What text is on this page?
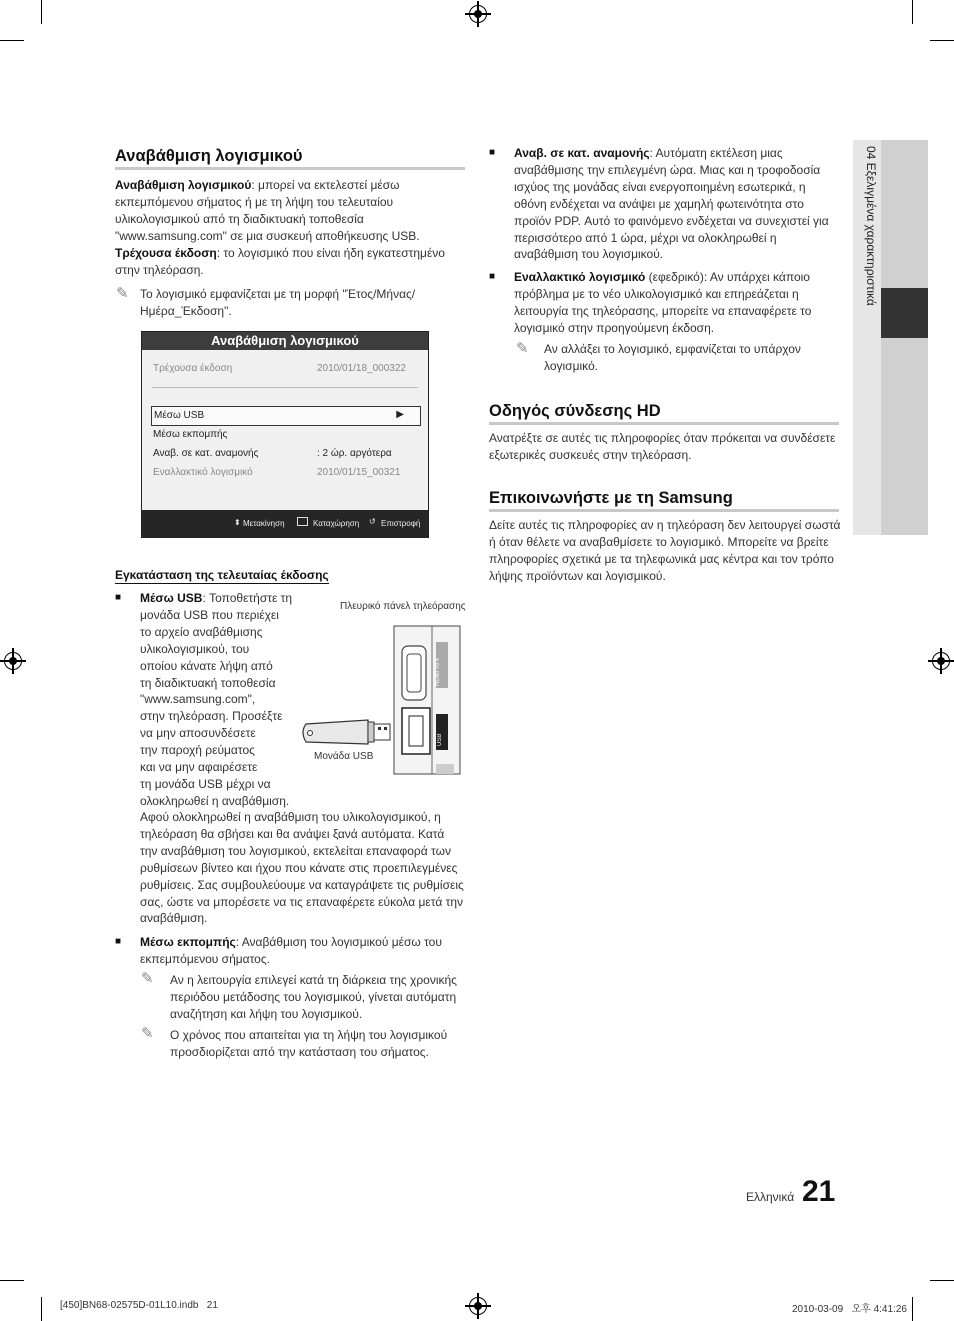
04 Εξελιγμένα χαρακτηριστικά
Αναβάθμιση λογισμικού
Αναβάθμιση λογισμικού: μπορεί να εκτελεστεί μέσω εκπεμπόμενου σήματος ή με τη λήψη του τελευταίου υλικολογισμικού από τη διαδικτυακή τοποθεσία "www.samsung.com" σε μια συσκευή αποθήκευσης USB.
Τρέχουσα έκδοση: το λογισμικό που είναι ήδη εγκατεστημένο στην τηλεόραση.
✎ Το λογισμικό εμφανίζεται με τη μορφή "Έτος/Μήνας/Ημέρα_Έκδοση".
Αναβάθμιση λογισμικού
Τρέχουσα έκδοση	2010/01/18_000322
Μέσω USB	▶
Μέσω εκπομπής
Αναβ. σε κατ. αναμονής	: 2 ώρ. αργότερα
Εναλλακτικό λογισμικό	2010/01/15_00321
⬍ Μετακίνηση	Καταχώρηση ↺ Επιστροφή
Εγκατάσταση της τελευταίας έκδοσης
■ Μέσω USB: Τοποθετήστε τη
μονάδα USB που περιέχει
το αρχείο αναβάθμισης
υλικολογισμικού, του
οποίου κάνατε λήψη από
τη διαδικτυακή τοποθεσία
"www.samsung.com",
στην τηλεόραση. Προσέξτε
να μην αποσυνδέσετε
την παροχή ρεύματος
και να μην αφαιρέσετε
τη μονάδα USB μέχρι να
ολοκληρωθεί η αναβάθμιση.
Πλευρικό πάνελ τηλεόρασης
HDMI IN 4
USB
Μονάδα USB
Αφού ολοκληρωθεί η αναβάθμιση του υλικολογισμικού, η τηλεόραση θα σβήσει και θα ανάψει ξανά αυτόματα. Κατά την αναβάθμιση του λογισμικού, εκτελείται επαναφορά των ρυθμίσεων βίντεο και ήχου που κάνατε στις προεπιλεγμένες ρυθμίσεις. Σας συμβουλεύουμε να καταγράψετε τις ρυθμίσεις σας, ώστε να μπορέσετε να τις επαναφέρετε εύκολα μετά την αναβάθμιση.
■ Μέσω εκπομπής: Αναβάθμιση του λογισμικού μέσω του εκπεμπόμενου σήματος.
✎ Αν η λειτουργία επιλεγεί κατά τη διάρκεια της χρονικής περιόδου μετάδοσης του λογισμικού, γίνεται αυτόματη αναζήτηση και λήψη του λογισμικού.
✎ Ο χρόνος που απαιτείται για τη λήψη του λογισμικού προσδιορίζεται από την κατάσταση του σήματος.
■ Αναβ. σε κατ. αναμονής: Αυτόματη εκτέλεση μιας αναβάθμισης την επιλεγμένη ώρα. Μιας και η τροφοδοσία ισχύος της μονάδας είναι ενεργοποιημένη εσωτερικά, η οθόνη ενδέχεται να ανάψει με χαμηλή φωτεινότητα στο προϊόν PDP. Αυτό το φαινόμενο ενδέχεται να συνεχιστεί για περισσότερο από 1 ώρα, μέχρι να ολοκληρωθεί η αναβάθμιση του λογισμικού.
■ Εναλλακτικό λογισμικό (εφεδρικό): Αν υπάρχει κάποιο πρόβλημα με το νέο υλικολογισμικό και επηρεάζεται η λειτουργία της τηλεόρασης, μπορείτε να επαναφέρετε το λογισμικό στην προηγούμενη έκδοση.
✎ Αν αλλάξει το λογισμικό, εμφανίζεται το υπάρχον λογισμικό.
Οδηγός σύνδεσης HD
Ανατρέξτε σε αυτές τις πληροφορίες όταν πρόκειται να συνδέσετε εξωτερικές συσκευές στην τηλεόραση.
Επικοινωνήστε με τη Samsung
Δείτε αυτές τις πληροφορίες αν η τηλεόραση δεν λειτουργεί σωστά ή όταν θέλετε να αναβαθμίσετε το λογισμικό. Μπορείτε να βρείτε πληροφορίες σχετικά με τα τηλεφωνικά μας κέντρα και τον τρόπο λήψης προϊόντων και λογισμικού.
Ελληνικά 21
[450]BN68-02575D-01L10.indb   21	2010-03-09   오후 4:41:26
